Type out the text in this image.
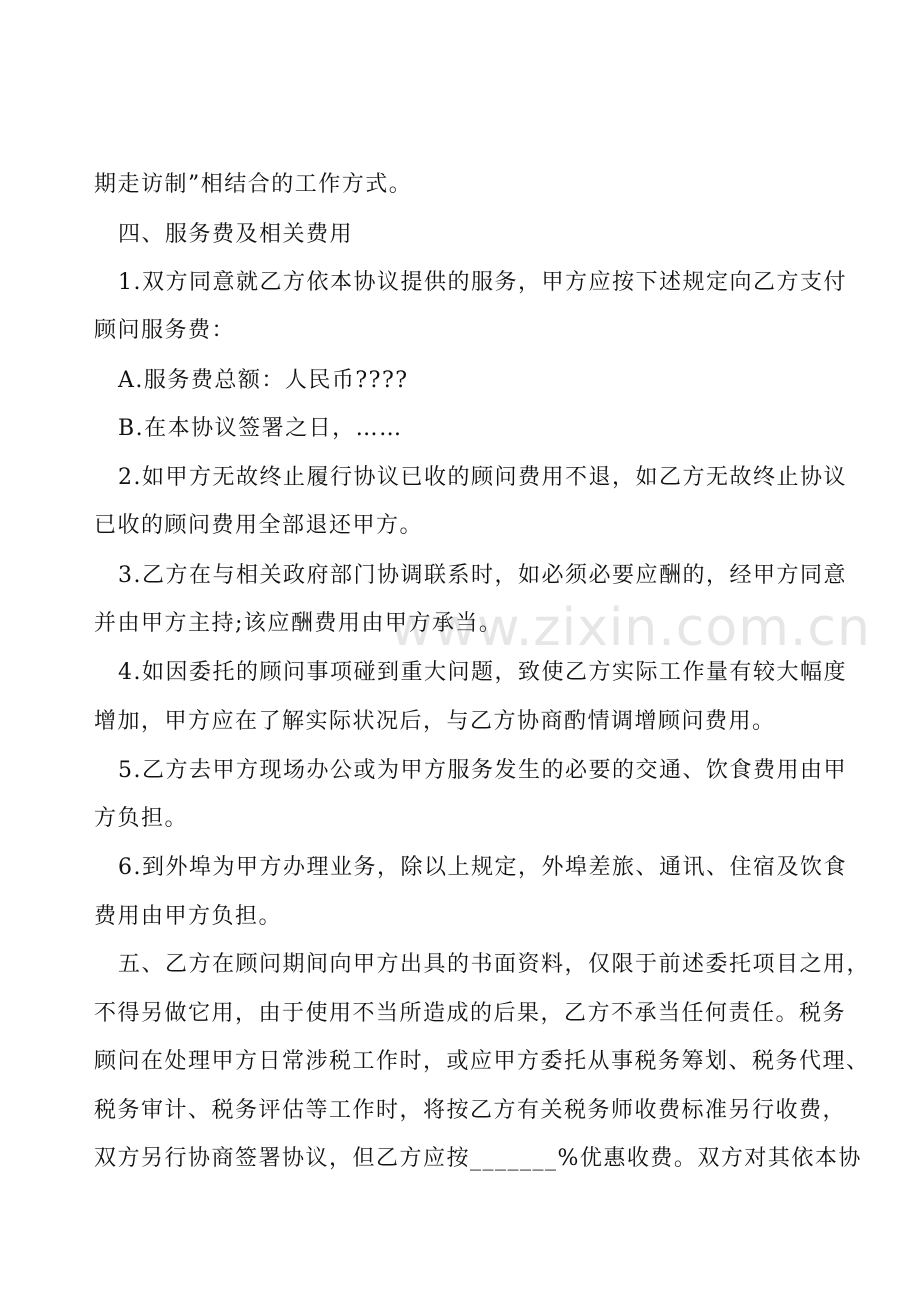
www.zixin.com.cn
期走访制”相结合的工作方式。
四、服务费及相关费用
1.双方同意就乙方依本协议提供的服务，甲方应按下述规定向乙方支付
顾问服务费：
A.服务费总额：人民币????
B.在本协议签署之日，……
2.如甲方无故终止履行协议已收的顾问费用不退，如乙方无故终止协议
已收的顾问费用全部退还甲方。
3.乙方在与相关政府部门协调联系时，如必须必要应酬的，经甲方同意
并由甲方主持;该应酬费用由甲方承当。
4.如因委托的顾问事项碰到重大问题，致使乙方实际工作量有较大幅度
增加，甲方应在了解实际状况后，与乙方协商酌情调增顾问费用。
5.乙方去甲方现场办公或为甲方服务发生的必要的交通、饮食费用由甲
方负担。
6.到外埠为甲方办理业务，除以上规定，外埠差旅、通讯、住宿及饮食
费用由甲方负担。
五、乙方在顾问期间向甲方出具的书面资料，仅限于前述委托项目之用，
不得另做它用，由于使用不当所造成的后果，乙方不承当任何责任。税务
顾问在处理甲方日常涉税工作时，或应甲方委托从事税务筹划、税务代理、
税务审计、税务评估等工作时，将按乙方有关税务师收费标准另行收费，
双方另行协商签署协议，但乙方应按_______%优惠收费。双方对其依本协
